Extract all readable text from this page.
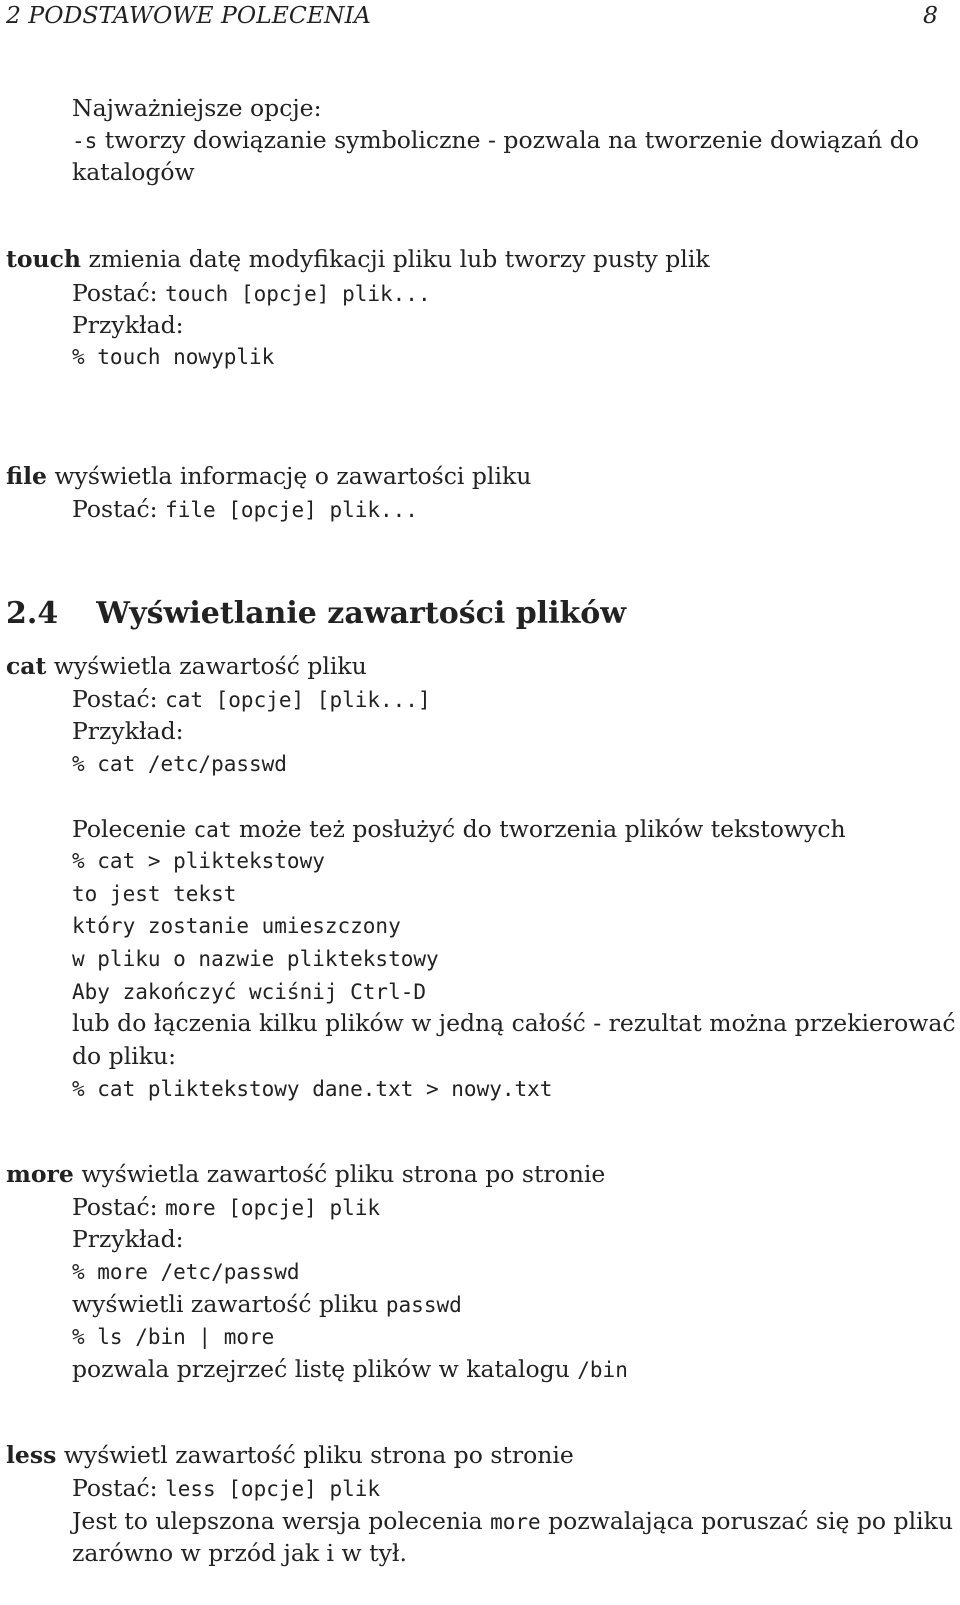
2 PODSTAWOWE POLECENIA	8
Najważniejsze opcje:
-s tworzy dowiązanie symboliczne - pozwala na tworzenie dowiązań do
katalogów
touch zmienia datę modyfikacji pliku lub tworzy pusty plik
Postać: touch [opcje] plik...
Przykład:
% touch nowyplik
file wyświetla informację o zawartości pliku
Postać: file [opcje] plik...
2.4 Wyświetlanie zawartości plików
cat wyświetla zawartość pliku
Postać: cat [opcje] [plik...]
Przykład:
% cat /etc/passwd
Polecenie cat może też posłużyć do tworzenia plików tekstowych
% cat > pliktekstowy
to jest tekst
który zostanie umieszczony
w pliku o nazwie pliktekstowy
Aby zakończyć wciśnij Ctrl-D
lub do łączenia kilku plików w jedną całość - rezultat można przekierować
do pliku:
% cat pliktekstowy dane.txt > nowy.txt
more wyświetla zawartość pliku strona po stronie
Postać: more [opcje] plik
Przykład:
% more /etc/passwd
wyświetli zawartość pliku passwd
% ls /bin | more
pozwala przejrzeć listę plików w katalogu /bin
less wyświetl zawartość pliku strona po stronie
Postać: less [opcje] plik
Jest to ulepszona wersja polecenia more pozwalająca poruszać się po pliku
zarówno w przód jak i w tył.
